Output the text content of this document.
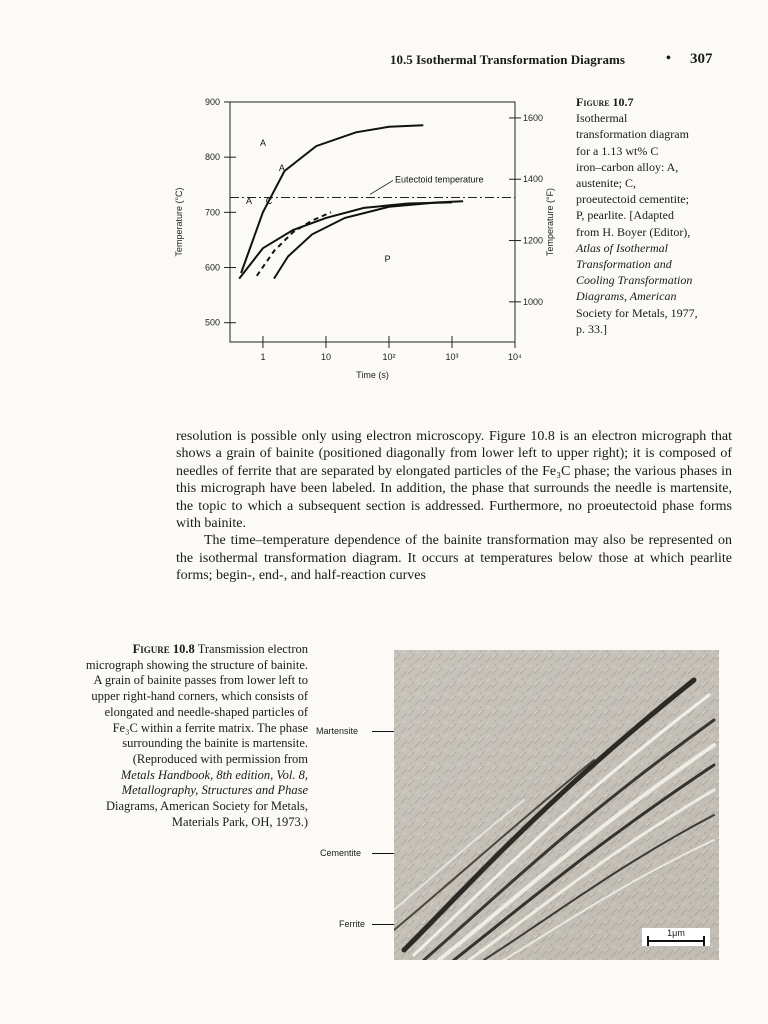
10.5 Isothermal Transformation Diagrams	• 307
500
600
700
800
900
1000
1200
1400
1600
1	10	10²	10³	10⁴
Time (s)
Temperature (°C)	Temperature (°F)
Eutectoid temperature
A
A
A C
P
Figure 10.7
Isothermal
transformation diagram
for a 1.13 wt% C
iron–carbon alloy: A,
austenite; C,
proeutectoid cementite;
P, pearlite. [Adapted
from H. Boyer (Editor),
Atlas of Isothermal
Transformation and
Cooling Transformation
Diagrams, American
Society for Metals, 1977,
p. 33.]

resolution is possible only using electron microscopy. Figure 10.8 is an electron micrograph that shows a grain of bainite (positioned diagonally from lower left to upper right); it is composed of needles of ferrite that are separated by elongated particles of the Fe₃C phase; the various phases in this micrograph have been labeled. In addition, the phase that surrounds the needle is martensite, the topic to which a subsequent section is addressed. Furthermore, no proeutectoid phase forms with bainite.

The time–temperature dependence of the bainite transformation may also be represented on the isothermal transformation diagram. It occurs at temperatures below those at which pearlite forms; begin-, end-, and half-reaction curves

Figure 10.8 Transmission electron
micrograph showing the structure of bainite.
A grain of bainite passes from lower left to
upper right-hand corners, which consists of
elongated and needle-shaped particles of
Fe₃C within a ferrite matrix. The phase
surrounding the bainite is martensite.
(Reproduced with permission from
Metals Handbook, 8th edition, Vol. 8,
Metallography, Structures and Phase
Diagrams, American Society for Metals,
Materials Park, OH, 1973.)
Martensite
Cementite
Ferrite
1μm
